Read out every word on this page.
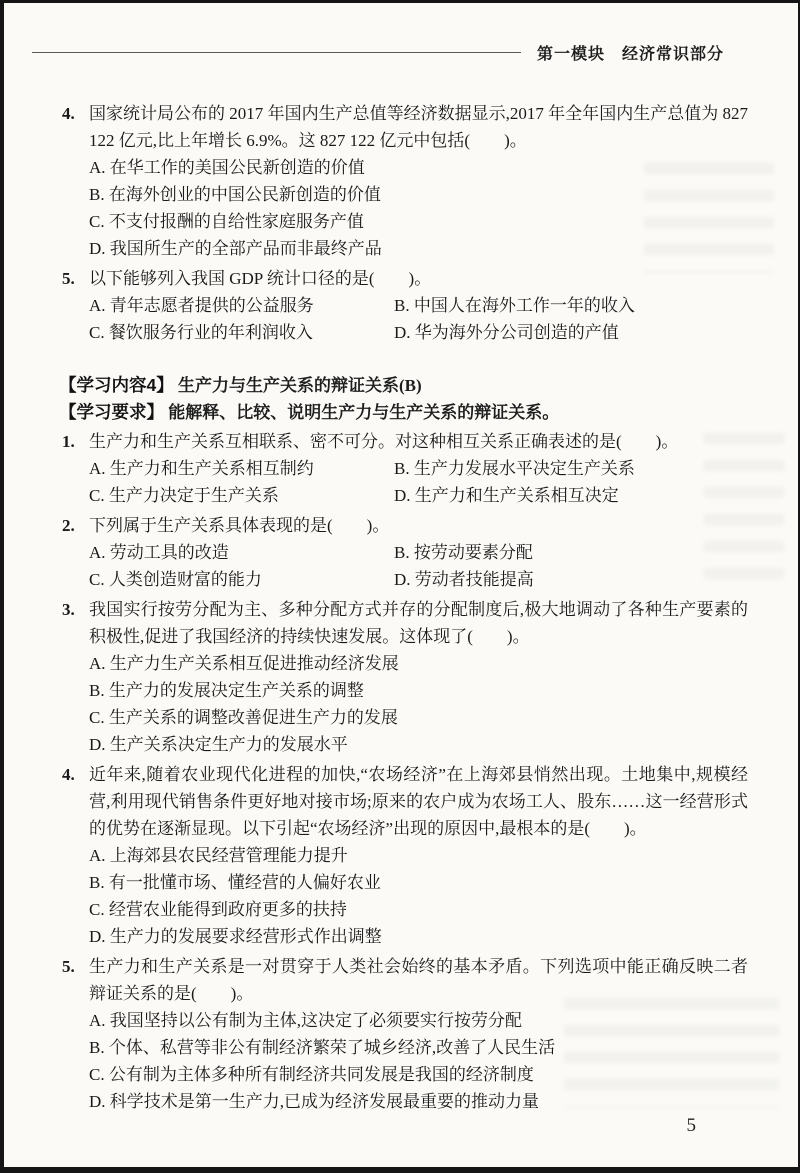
第一模块　经济常识部分
4. 国家统计局公布的 2017 年国内生产总值等经济数据显示,2017 年全年国内生产总值为 827 122 亿元,比上年增长 6.9%。这 827 122 亿元中包括(　　)。

A. 在华工作的美国公民新创造的价值

B. 在海外创业的中国公民新创造的价值

C. 不支付报酬的自给性家庭服务产值

D. 我国所生产的全部产品而非最终产品

5. 以下能够列入我国 GDP 统计口径的是(　　)。

A. 青年志愿者提供的公益服务	B. 中国人在海外工作一年的收入

C. 餐饮服务行业的年利润收入	D. 华为海外分公司创造的产值

【学习内容4】 生产力与生产关系的辩证关系(B)

【学习要求】 能解释、比较、说明生产力与生产关系的辩证关系。

1. 生产力和生产关系互相联系、密不可分。对这种相互关系正确表述的是(　　)。

A. 生产力和生产关系相互制约	B. 生产力发展水平决定生产关系

C. 生产力决定于生产关系	D. 生产力和生产关系相互决定

2. 下列属于生产关系具体表现的是(　　)。

A. 劳动工具的改造	B. 按劳动要素分配

C. 人类创造财富的能力	D. 劳动者技能提高

3. 我国实行按劳分配为主、多种分配方式并存的分配制度后,极大地调动了各种生产要素的积极性,促进了我国经济的持续快速发展。这体现了(　　)。

A. 生产力生产关系相互促进推动经济发展

B. 生产力的发展决定生产关系的调整

C. 生产关系的调整改善促进生产力的发展

D. 生产关系决定生产力的发展水平

4. 近年来,随着农业现代化进程的加快,“农场经济”在上海郊县悄然出现。土地集中,规模经营,利用现代销售条件更好地对接市场;原来的农户成为农场工人、股东……这一经营形式的优势在逐渐显现。以下引起“农场经济”出现的原因中,最根本的是(　　)。

A. 上海郊县农民经营管理能力提升

B. 有一批懂市场、懂经营的人偏好农业

C. 经营农业能得到政府更多的扶持

D. 生产力的发展要求经营形式作出调整

5. 生产力和生产关系是一对贯穿于人类社会始终的基本矛盾。下列选项中能正确反映二者辩证关系的是(　　)。

A. 我国坚持以公有制为主体,这决定了必须要实行按劳分配

B. 个体、私营等非公有制经济繁荣了城乡经济,改善了人民生活

C. 公有制为主体多种所有制经济共同发展是我国的经济制度

D. 科学技术是第一生产力,已成为经济发展最重要的推动力量

5
